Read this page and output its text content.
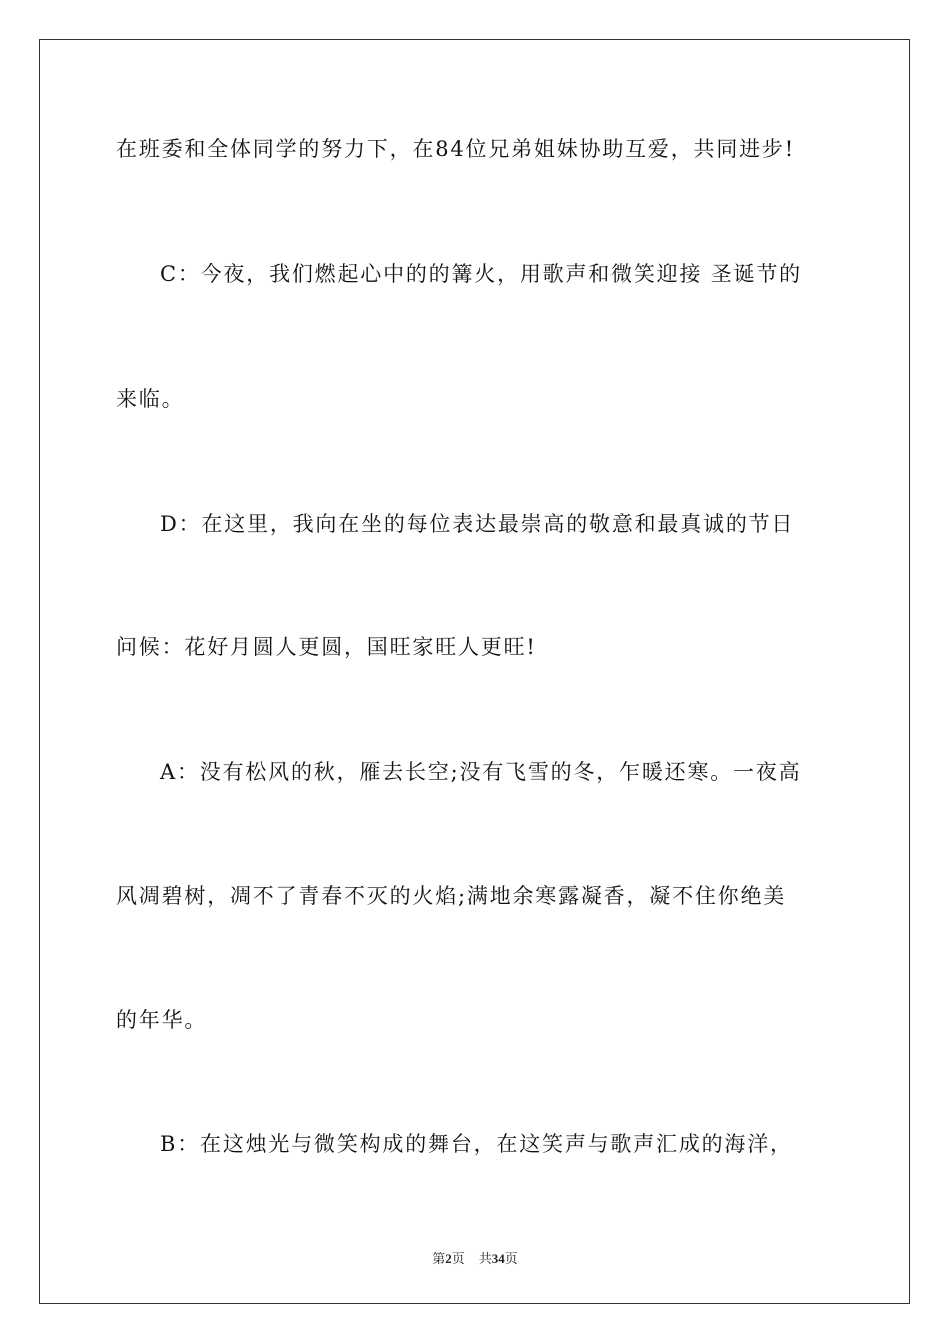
在班委和全体同学的努力下，在84位兄弟姐妹协助互爱，共同进步!
C：今夜，我们燃起心中的的篝火，用歌声和微笑迎接 圣诞节的
来临。
D：在这里，我向在坐的每位表达最崇高的敬意和最真诚的节日
问候：花好月圆人更圆，国旺家旺人更旺!
A：没有松风的秋，雁去长空;没有飞雪的冬，乍暖还寒。一夜高
风凋碧树，凋不了青春不灭的火焰;满地余寒露凝香，凝不住你绝美
的年华。
B：在这烛光与微笑构成的舞台，在这笑声与歌声汇成的海洋，
第2页 共34页
